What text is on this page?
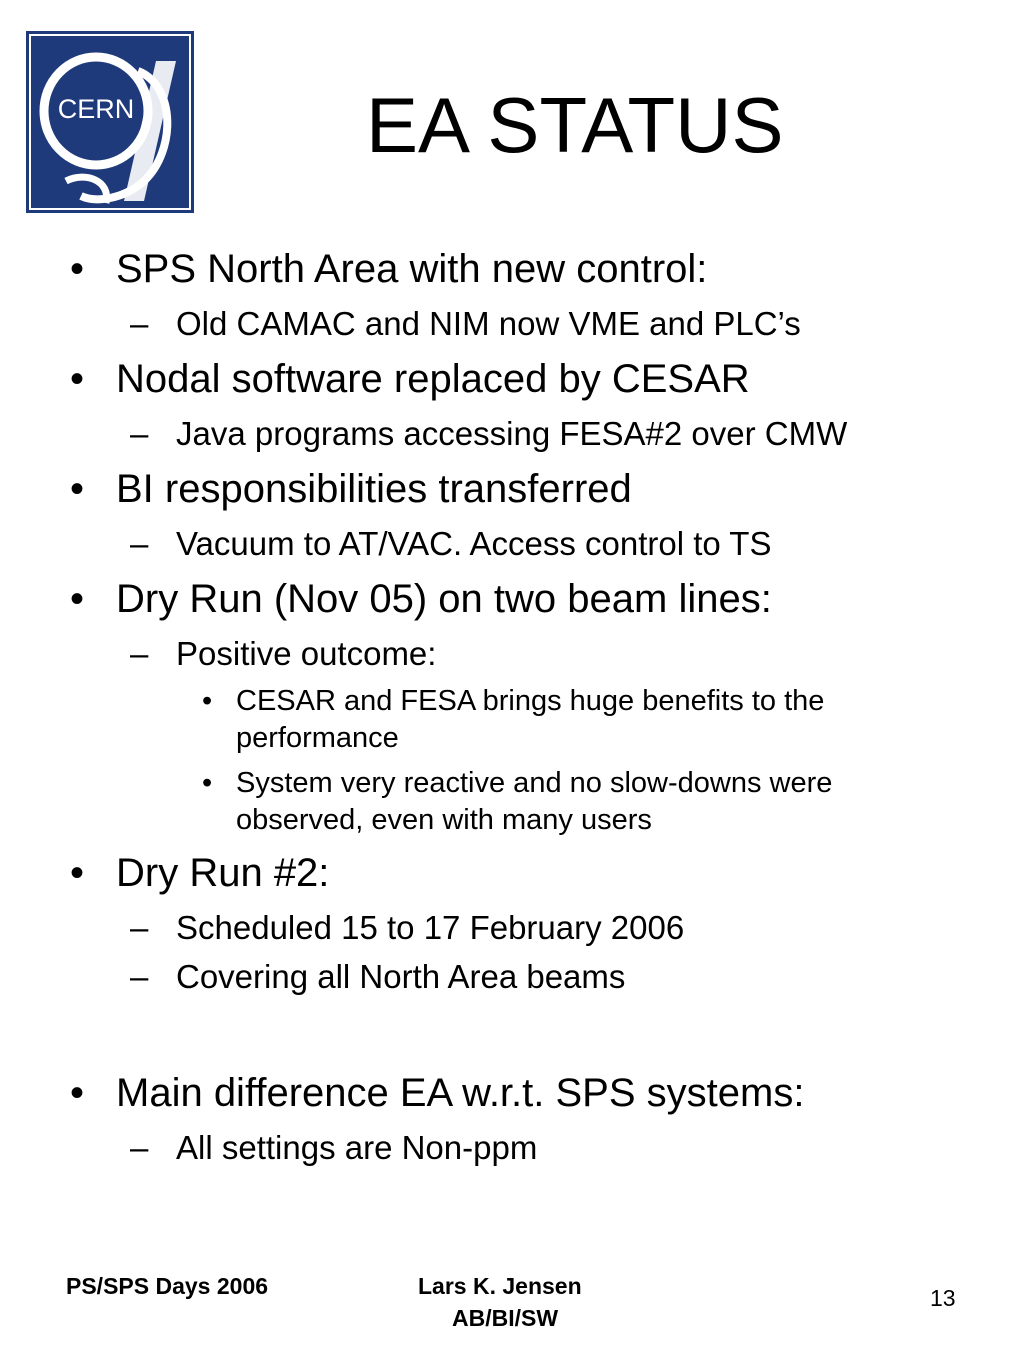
CERN	EA STATUS
• SPS North Area with new control:
– Old CAMAC and NIM now VME and PLC’s
• Nodal software replaced by CESAR
– Java programs accessing FESA#2 over CMW
• BI responsibilities transferred
– Vacuum to AT/VAC. Access control to TS
• Dry Run (Nov 05) on two beam lines:
– Positive outcome:
• CESAR and FESA brings huge benefits to the
performance
• System very reactive and no slow-downs were
observed, even with many users
• Dry Run #2:
– Scheduled 15 to 17 February 2006
– Covering all North Area beams
• Main difference EA w.r.t. SPS systems:
– All settings are Non-ppm
PS/SPS Days 2006	Lars K. Jensen
AB/BI/SW
13
